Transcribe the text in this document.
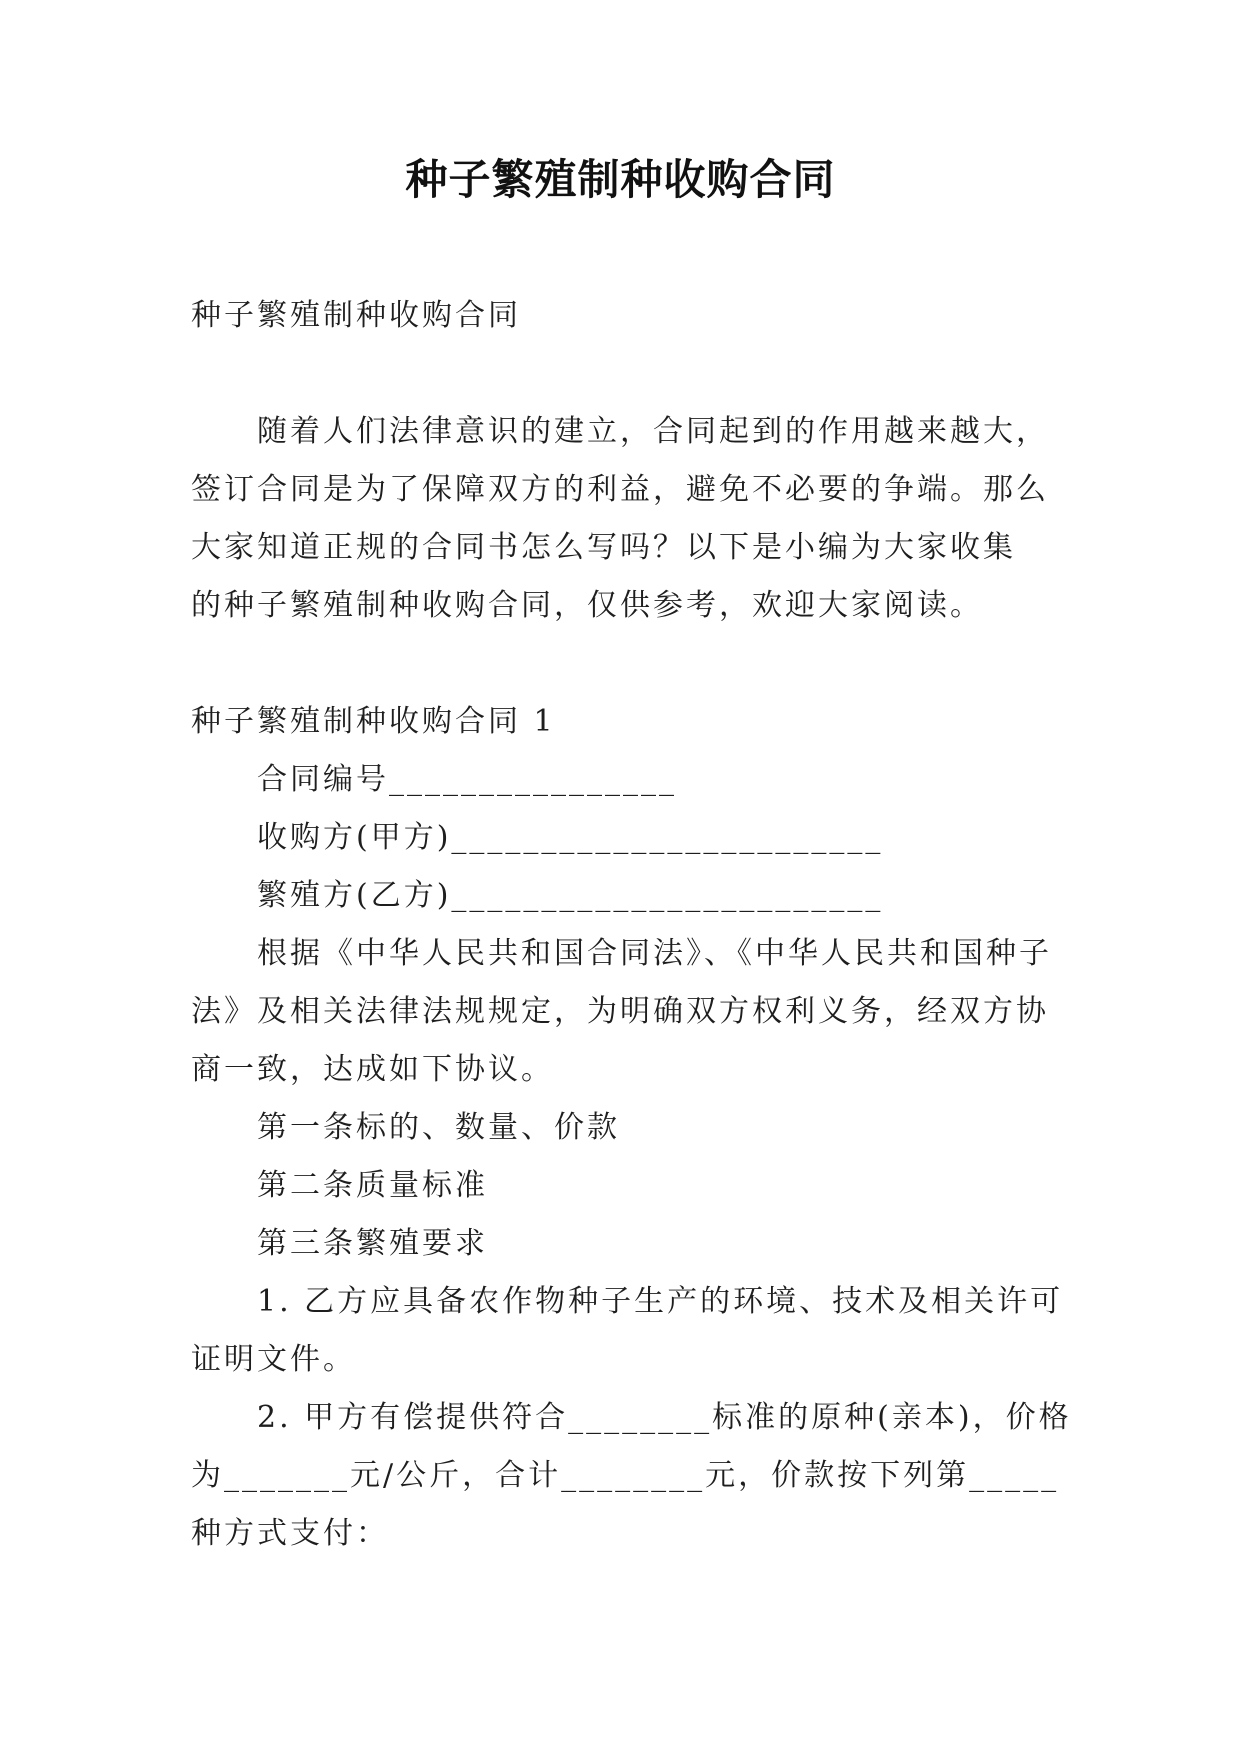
种子繁殖制种收购合同
种子繁殖制种收购合同
随着人们法律意识的建立，合同起到的作用越来越大，
签订合同是为了保障双方的利益，避免不必要的争端。那么
大家知道正规的合同书怎么写吗？以下是小编为大家收集
的种子繁殖制种收购合同，仅供参考，欢迎大家阅读。
种子繁殖制种收购合同 1
合同编号________________
收购方(甲方)________________________
繁殖方(乙方)________________________
根据《中华人民共和国合同法》、《中华人民共和国种子
法》及相关法律法规规定，为明确双方权利义务，经双方协
商一致，达成如下协议。
第一条标的、数量、价款
第二条质量标准
第三条繁殖要求
1. 乙方应具备农作物种子生产的环境、技术及相关许可
证明文件。
2. 甲方有偿提供符合________标准的原种(亲本)，价格
为_______元/公斤，合计________元，价款按下列第_____
种方式支付：
